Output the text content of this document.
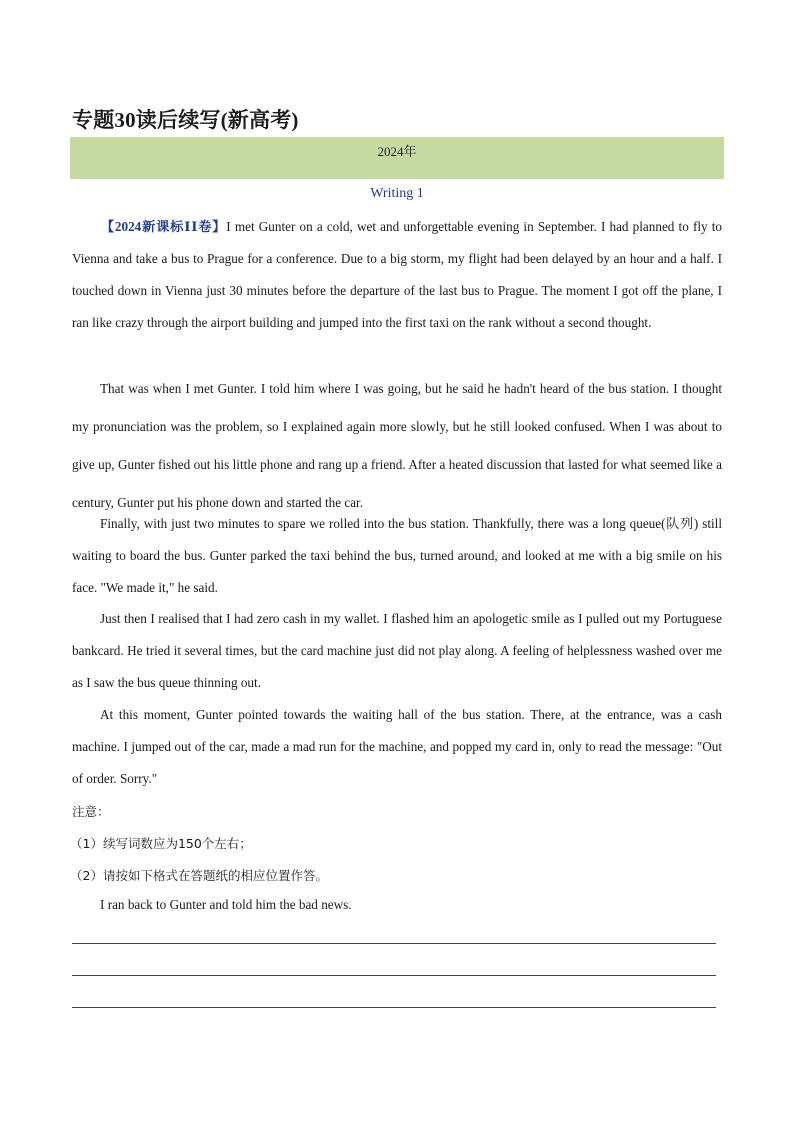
专题30读后续写(新高考)
2024年
Writing 1

【2024新课标ⅠⅠ卷】I met Gunter on a cold, wet and unforgettable evening in September. I had planned to fly to Vienna and take a bus to Prague for a conference. Due to a big storm, my flight had been delayed by an hour and a half. I touched down in Vienna just 30 minutes before the departure of the last bus to Prague. The moment I got off the plane, I ran like crazy through the airport building and jumped into the first taxi on the rank without a second thought.

That was when I met Gunter. I told him where I was going, but he said he hadn't heard of the bus station. I thought my pronunciation was the problem, so I explained again more slowly, but he still looked confused. When I was about to give up, Gunter fished out his little phone and rang up a friend. After a heated discussion that lasted for what seemed like a century, Gunter put his phone down and started the car.

Finally, with just two minutes to spare we rolled into the bus station. Thankfully, there was a long queue(队列) still waiting to board the bus. Gunter parked the taxi behind the bus, turned around, and looked at me with a big smile on his face. "We made it," he said.

Just then I realised that I had zero cash in my wallet. I flashed him an apologetic smile as I pulled out my Portuguese bankcard. He tried it several times, but the card machine just did not play along. A feeling of helplessness washed over me as I saw the bus queue thinning out.

At this moment, Gunter pointed towards the waiting hall of the bus station. There, at the entrance, was a cash machine. I jumped out of the car, made a mad run for the machine, and popped my card in, only to read the message: "Out of order. Sorry."

注意：
（1）续写词数应为150个左右；
（2）请按如下格式在答题纸的相应位置作答。

I ran back to Gunter and told him the bad news.
